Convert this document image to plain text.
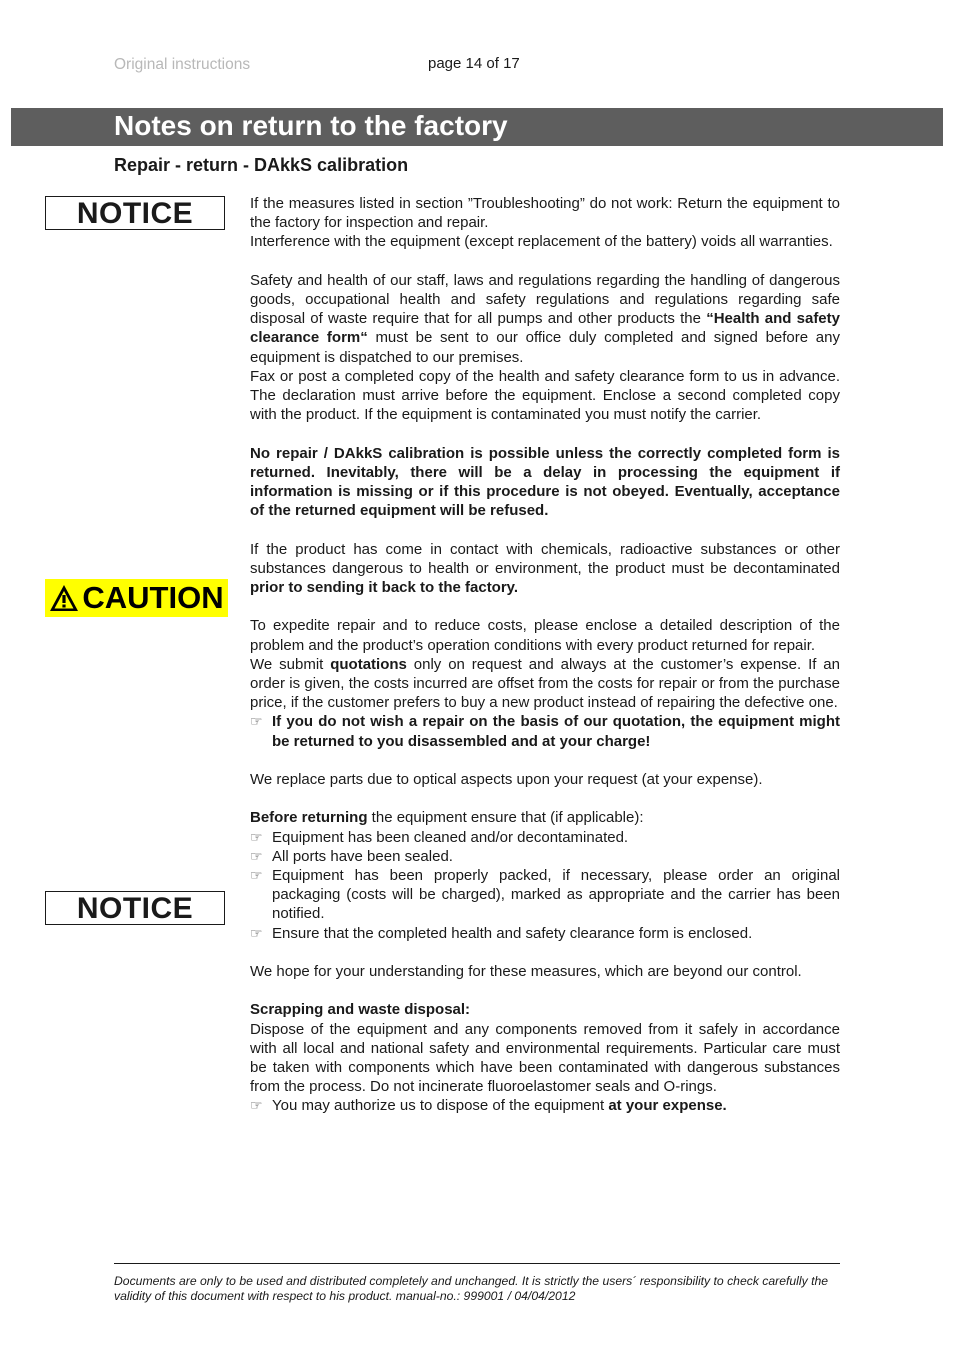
Original instructions	page 14 of 17
Notes on return to the factory
Repair - return - DAkkS calibration
NOTICE
CAUTION
NOTICE

If the measures listed in section ”Troubleshooting” do not work: Return the equipment to the factory for inspection and repair.

Interference with the equipment (except replacement of the battery) voids all warranties.

Safety and health of our staff, laws and regulations regarding the handling of dangerous goods, occupational health and safety regulations and regulations regarding safe disposal of waste require that for all pumps and other products the “Health and safety clearance form“ must be sent to our office duly completed and signed before any equipment is dispatched to our premises.

Fax or post a completed copy of the health and safety clearance form to us in advance. The declaration must arrive before the equipment. Enclose a second completed copy with the product. If the equipment is contaminated you must notify the carrier.

No repair / DAkkS calibration is possible unless the correctly completed form is returned. Inevitably, there will be a delay in processing the equipment if information is missing or if this procedure is not obeyed. Eventually, acceptance of the returned equipment will be refused.

If the product has come in contact with chemicals, radioactive substances or other substances dangerous to health or environment, the product must be decontaminated prior to sending it back to the factory.

To expedite repair and to reduce costs, please enclose a detailed description of the problem and the product’s operation conditions with every product returned for repair.

We submit quotations only on request and always at the customer’s expense. If an order is given, the costs incurred are offset from the costs for repair or from the purchase price, if the customer prefers to buy a new product instead of repairing the defective one.

☞ If you do not wish a repair on the basis of our quotation, the equipment might be returned to you disassembled and at your charge!

We replace parts due to optical aspects upon your request (at your expense).

Before returning the equipment ensure that (if applicable):

☞ Equipment has been cleaned and/or decontaminated.
☞ All ports have been sealed.
☞ Equipment has been properly packed, if necessary, please order an original packaging (costs will be charged), marked as appropriate and the carrier has been notified.
☞ Ensure that the completed health and safety clearance form is enclosed.

We hope for your understanding for these measures, which are beyond our control.

Scrapping and waste disposal:

Dispose of the equipment and any components removed from it safely in accordance with all local and national safety and environmental requirements. Particular care must be taken with components which have been contaminated with dangerous substances from the process. Do not incinerate fluoroelastomer seals and O-rings.

☞ You may authorize us to dispose of the equipment at your expense.
Documents are only to be used and distributed completely and unchanged. It is strictly the users´ responsibility to check carefully the validity of this document with respect to his product. manual-no.: 999001 / 04/04/2012
